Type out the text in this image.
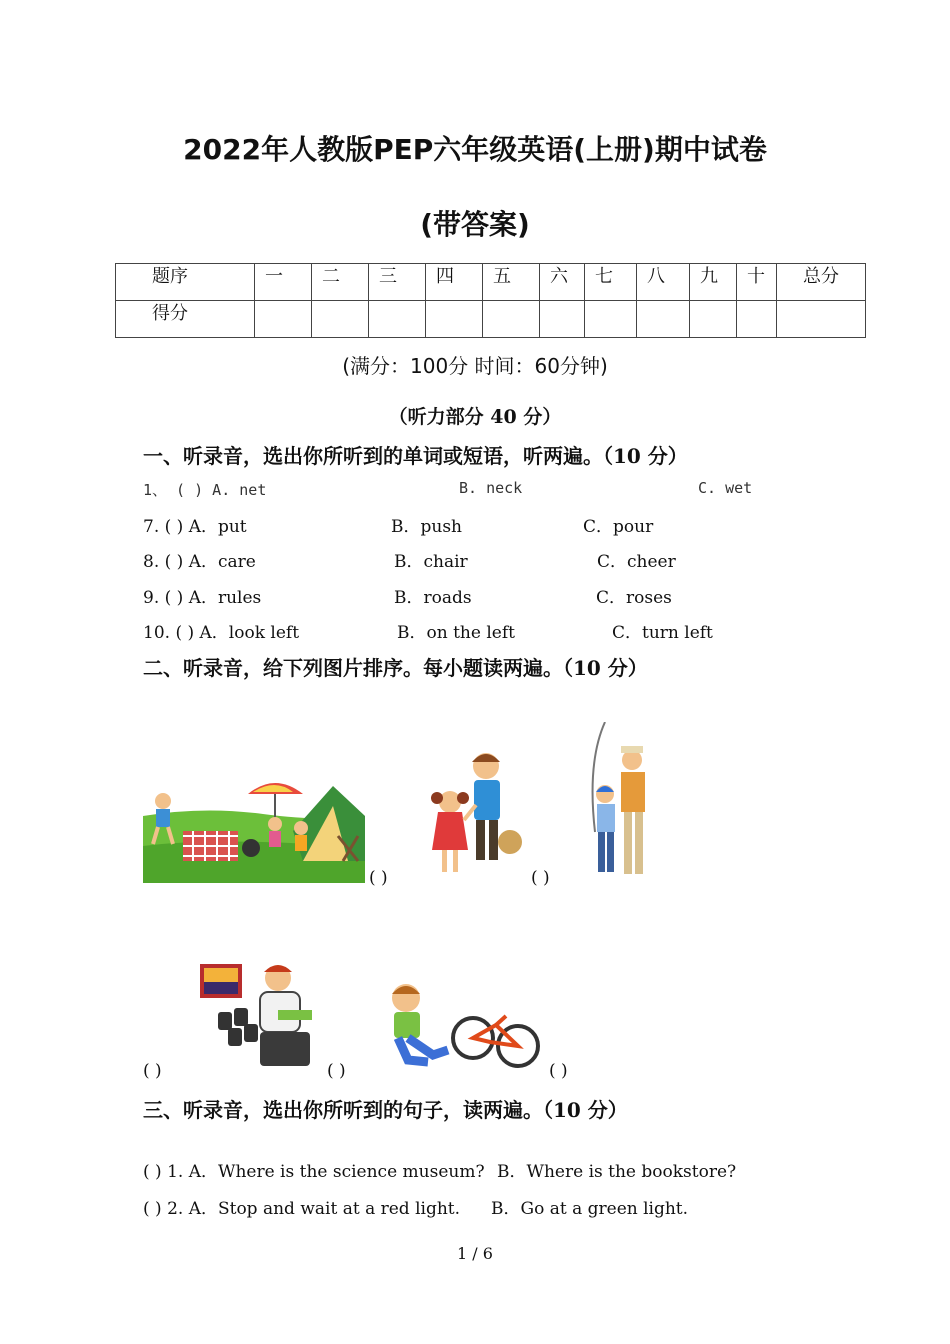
2022年人教版PEP六年级英语(上册)期中试卷
(带答案)
题序	一	二	三	四	五	六	七	八	九	十	总分
得分											
(满分：100分 时间：60分钟)
（听力部分 40 分）
一、听录音，选出你所听到的单词或短语，听两遍。（10 分）
1、 ( ) A. net	B. neck	C. wet
7. ( ) A．put	B．push	C．pour
8. ( ) A．care	B．chair	C．cheer
9. ( ) A．rules	B．roads	C．roses
10. ( ) A．look left	B．on the left	C．turn left
二、听录音，给下列图片排序。每小题读两遍。（10 分）
( )	( )
( )	( )	( )
三、听录音，选出你所听到的句子，读两遍。（10 分）
( ) 1. A．Where is the science museum? B．Where is the bookstore?
( ) 2. A．Stop and wait at a red light. B．Go at a green light.
1 / 6
